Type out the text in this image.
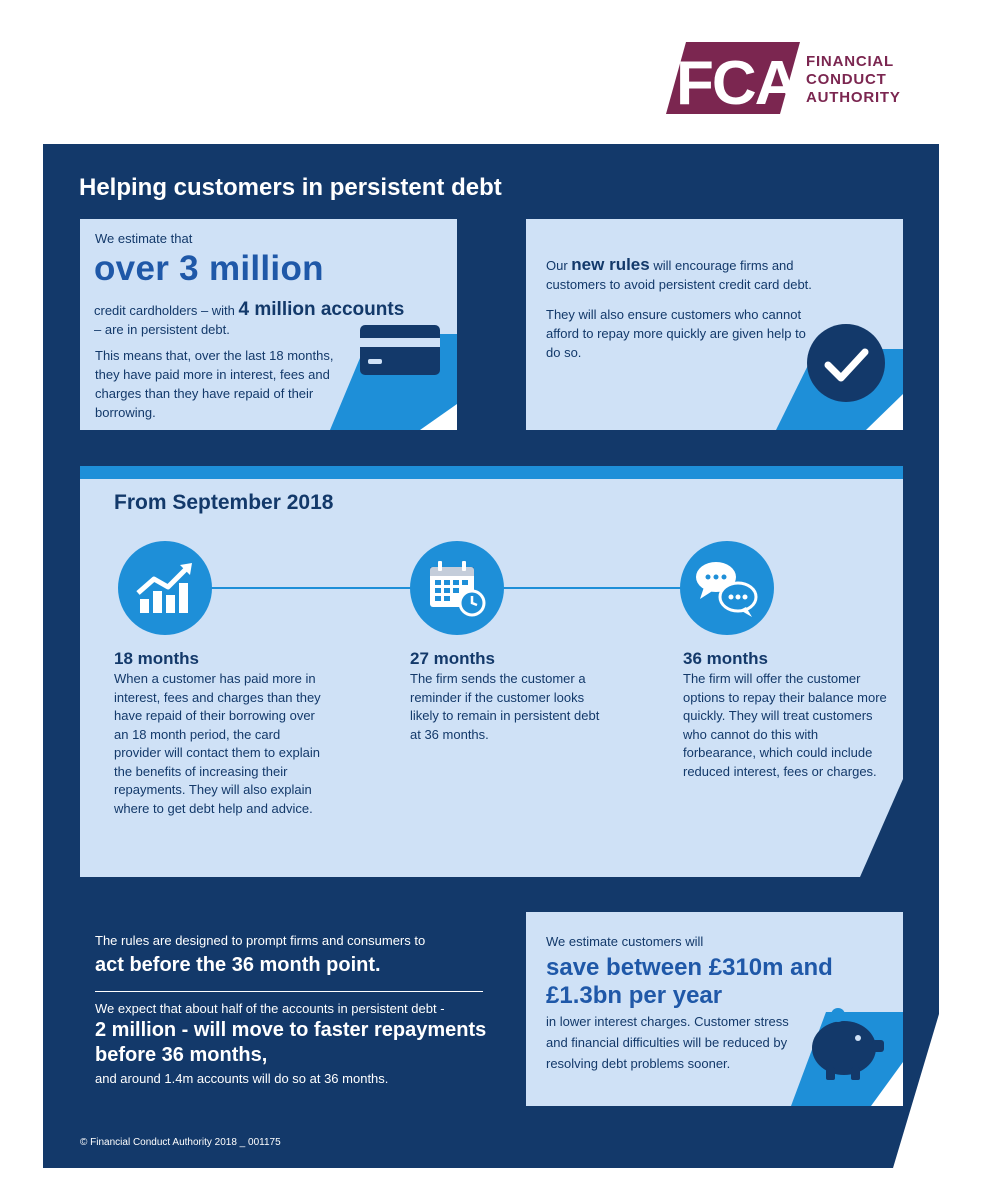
FCA FINANCIAL
CONDUCT
AUTHORITY
Helping customers in persistent debt
We estimate that
over 3 million
credit cardholders – with 4 million accounts
– are in persistent debt.
This means that, over the last 18 months, they have paid more in interest, fees and charges than they have repaid of their borrowing.
Our new rules will encourage firms and customers to avoid persistent credit card debt.
They will also ensure customers who cannot afford to repay more quickly are given help to do so.
From September 2018
18 months
When a customer has paid more in interest, fees and charges than they have repaid of their borrowing over an 18 month period, the card provider will contact them to explain the benefits of increasing their repayments. They will also explain where to get debt help and advice.
27 months
The firm sends the customer a reminder if the customer looks likely to remain in persistent debt at 36 months.
36 months
The firm will offer the customer options to repay their balance more quickly. They will treat customers who cannot do this with forbearance, which could include reduced interest, fees or charges.
The rules are designed to prompt firms and consumers to
act before the 36 month point.
We expect that about half of the accounts in persistent debt -
2 million - will move to faster repayments before 36 months,
and around 1.4m accounts will do so at 36 months.
We estimate customers will
save between £310m and £1.3bn per year
in lower interest charges. Customer stress and financial difficulties will be reduced by resolving debt problems sooner.
© Financial Conduct Authority 2018 _ 001175
